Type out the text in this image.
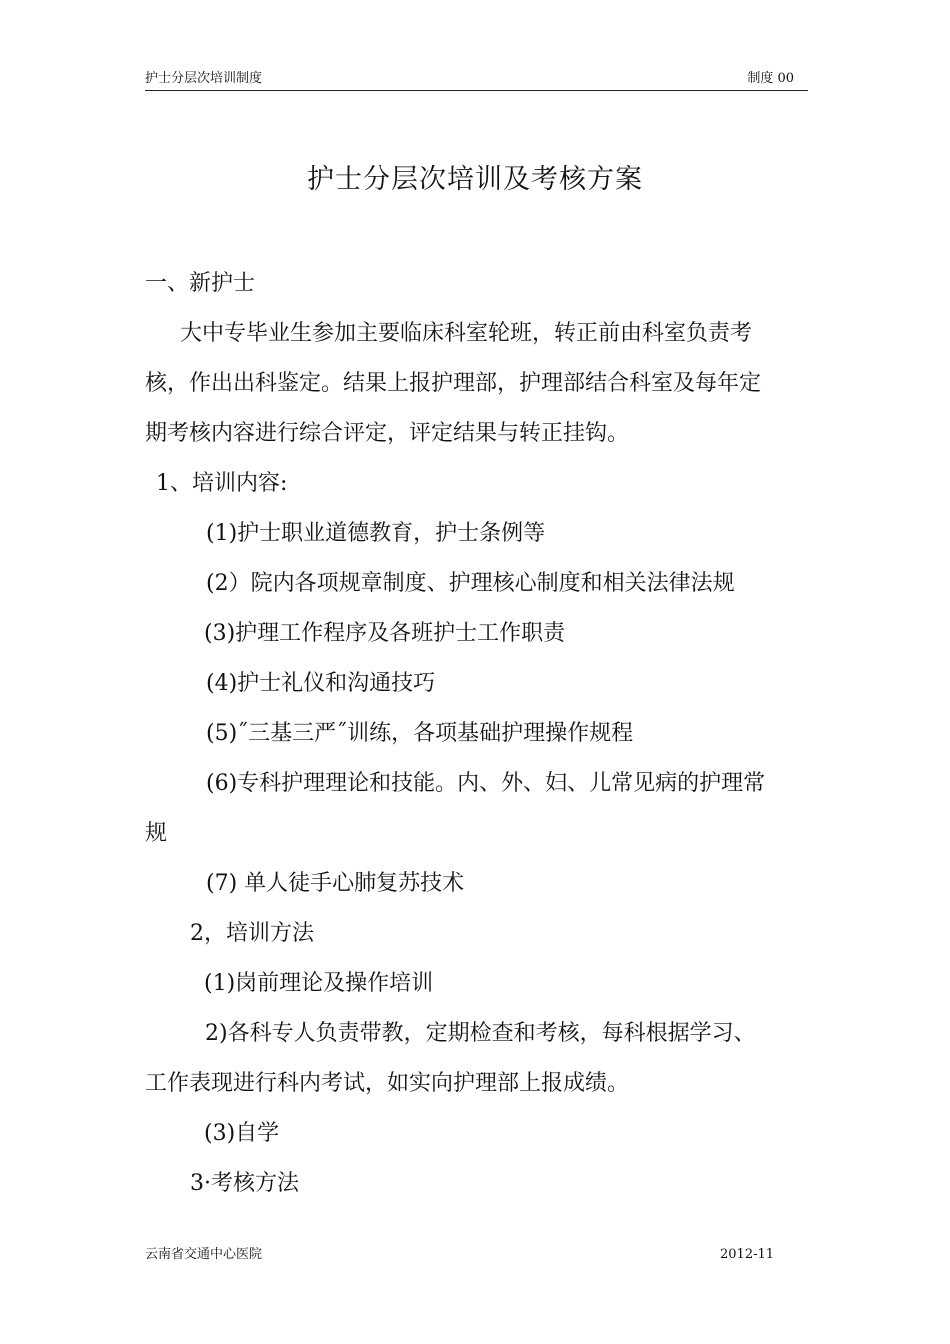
护士分层次培训制度	制度 00
护士分层次培训及考核方案
一、新护士
大中专毕业生参加主要临床科室轮班，转正前由科室负责考
核，作出出科鉴定。结果上报护理部，护理部结合科室及每年定
期考核内容进行综合评定，评定结果与转正挂钩。
1、培训内容:
(1)护士职业道德教育，护士条例等
(2）院内各项规章制度、护理核心制度和相关法律法规
(3)护理工作程序及各班护士工作职责
(4)护士礼仪和沟通技巧
(5)˝三基三严˝训练，各项基础护理操作规程
(6)专科护理理论和技能。内、外、妇、儿常见病的护理常
规
(7) 单人徒手心肺复苏技术
2，培训方法
(1)岗前理论及操作培训
2)各科专人负责带教，定期检查和考核，每科根据学习、
工作表现进行科内考试，如实向护理部上报成绩。
(3)自学
3·考核方法
云南省交通中心医院	2012-11
